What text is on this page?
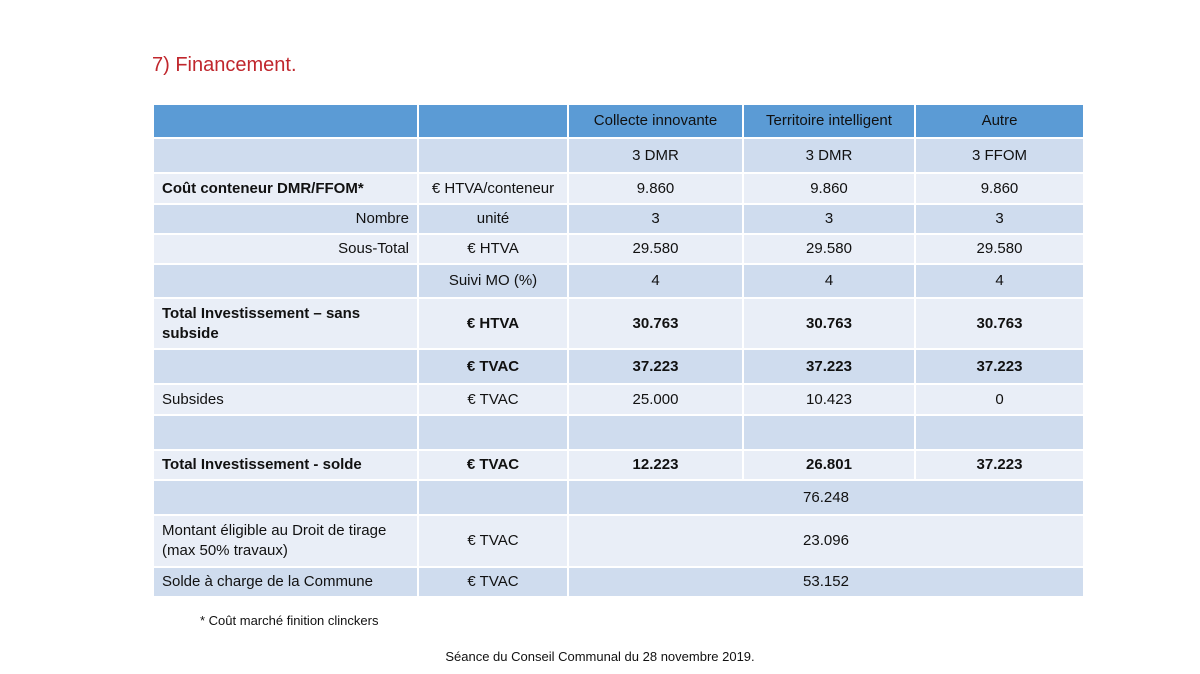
7) Financement.
		Collecte innovante	Territoire intelligent	Autre
		3 DMR	3 DMR	3 FFOM
Coût conteneur DMR/FFOM*	€ HTVA/conteneur	9.860	9.860	9.860
Nombre	unité	3	3	3
Sous-Total	€ HTVA	29.580	29.580	29.580
	Suivi MO (%)	4	4	4
Total Investissement – sans subside	€ HTVA	30.763	30.763	30.763
	€ TVAC	37.223	37.223	37.223
Subsides	€ TVAC	25.000	10.423	0

Total Investissement - solde	€ TVAC	12.223	26.801	37.223
		76.248		
Montant éligible au Droit de tirage (max 50% travaux)	€ TVAC	23.096		
Solde à charge de la Commune	€ TVAC	53.152		
* Coût marché finition clinckers
Séance du Conseil Communal du 28 novembre 2019.
